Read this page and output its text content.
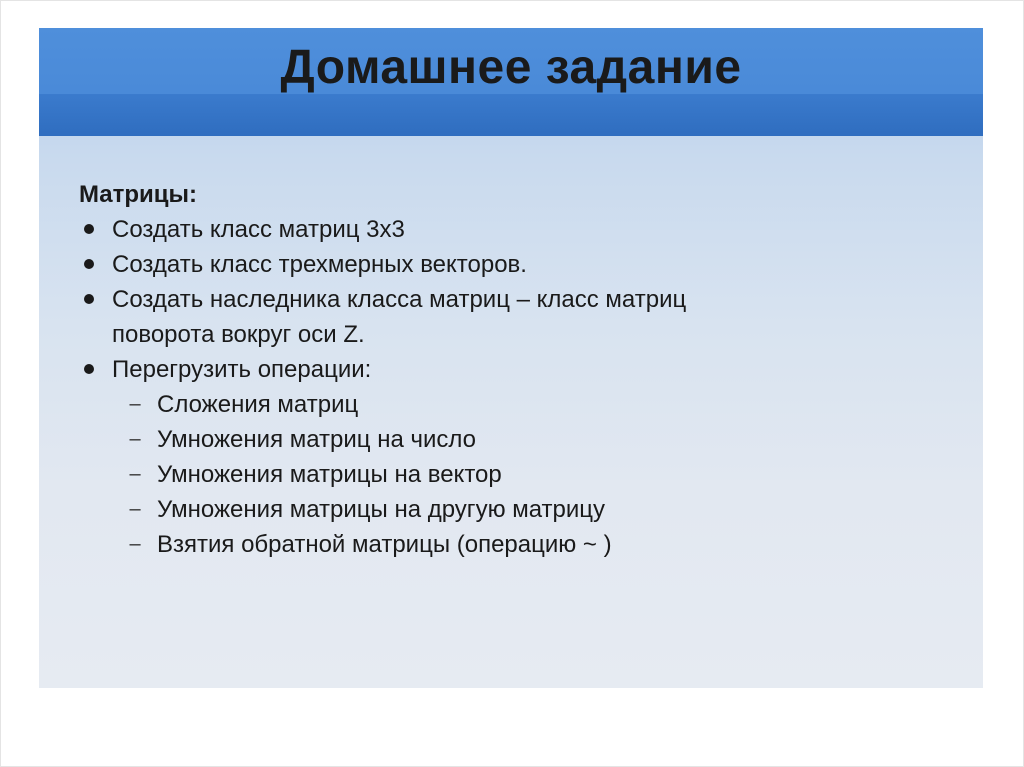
Домашнее задание

Матрицы:

Создать класс матриц 3х3
Создать класс трехмерных векторов.
Создать наследника класса матриц – класс матриц
поворота вокруг оси Z.
Перегрузить операции:
– Сложения матриц
– Умножения матриц на число
– Умножения матрицы на вектор
– Умножения матрицы на другую матрицу
– Взятия обратной матрицы (операцию ~ )
